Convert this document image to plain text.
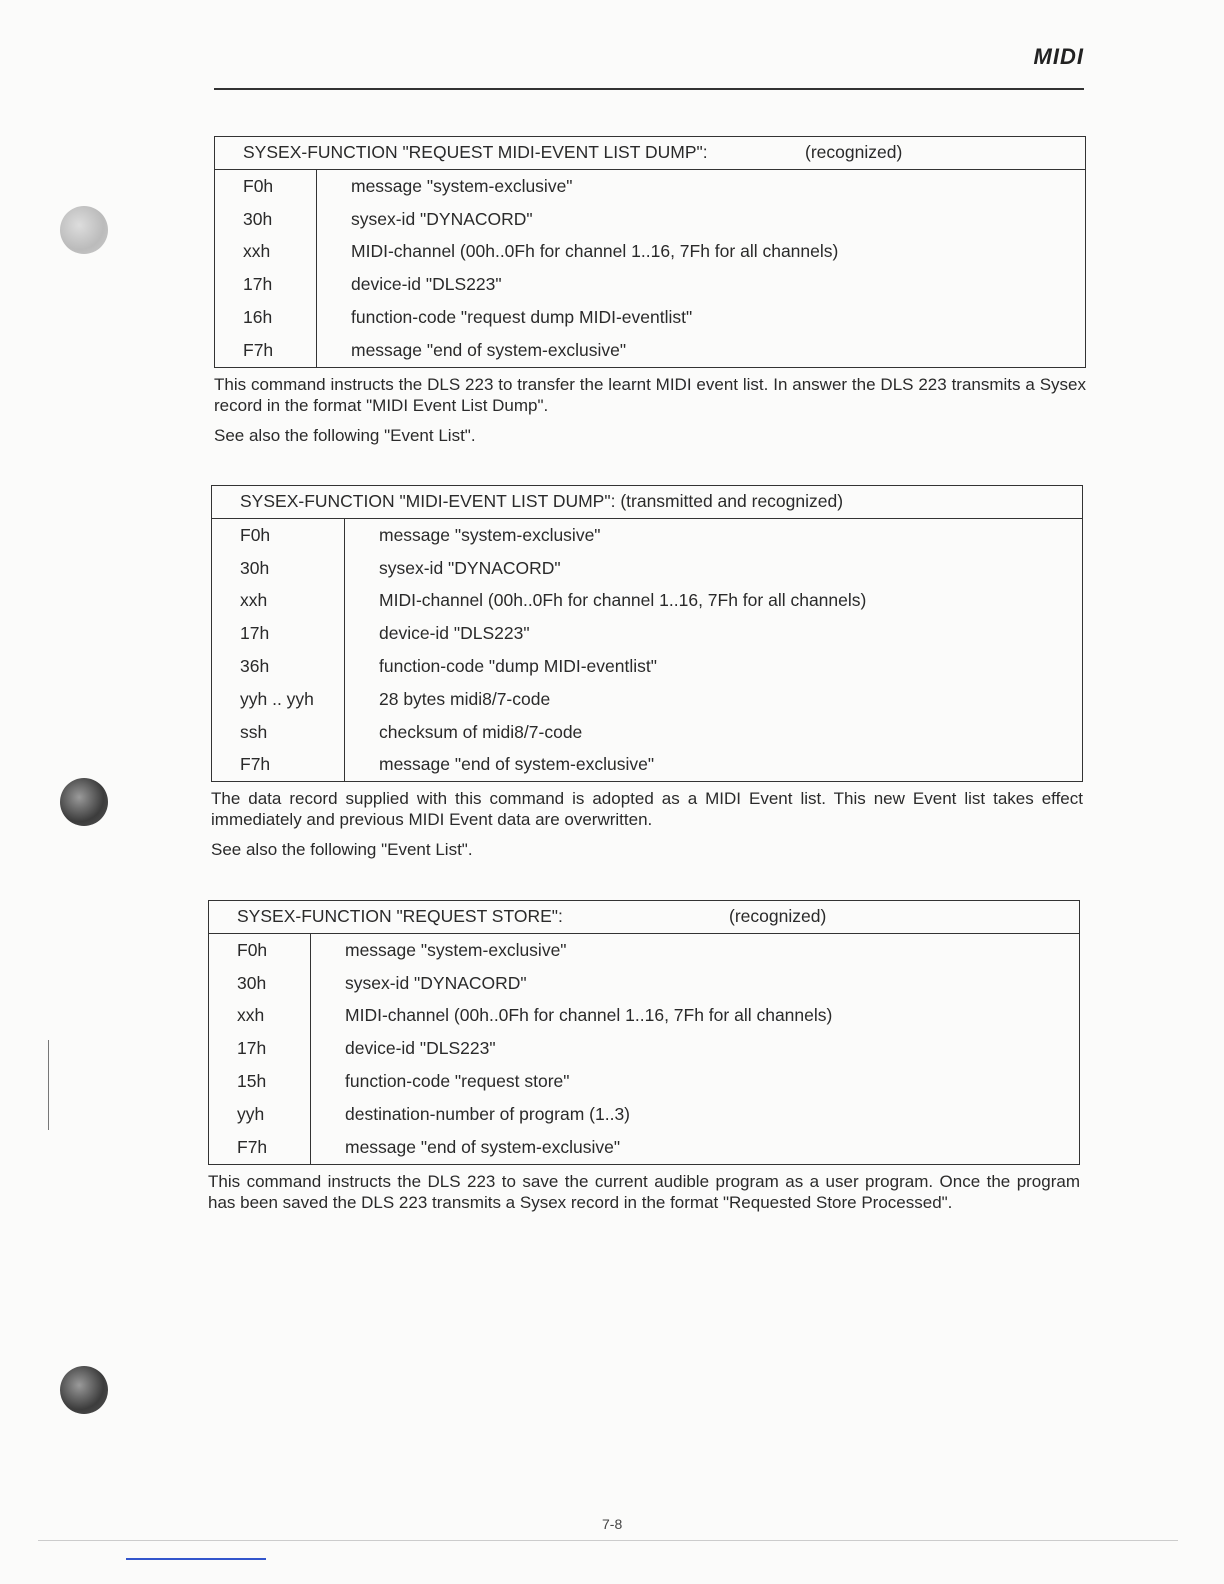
MIDI
SYSEX-FUNCTION "REQUEST MIDI-EVENT LIST DUMP": (recognized)	

F0h	message "system-exclusive"
30h	sysex-id "DYNACORD"
xxh	MIDI-channel (00h..0Fh for channel 1..16, 7Fh for all channels)
17h	device-id "DLS223"
16h	function-code "request dump MIDI-eventlist"
F7h	message "end of system-exclusive"

This command instructs the DLS 223 to transfer the learnt MIDI event list. In answer the DLS 223 transmits a Sysex record in the format "MIDI Event List Dump".

See also the following "Event List".

SYSEX-FUNCTION "MIDI-EVENT LIST DUMP": (transmitted and recognized)	
F0h	message "system-exclusive"
30h	sysex-id "DYNACORD"
xxh	MIDI-channel (00h..0Fh for channel 1..16, 7Fh for all channels)
17h	device-id "DLS223"
36h	function-code "dump MIDI-eventlist"
yyh .. yyh	28 bytes midi8/7-code
ssh	checksum of midi8/7-code
F7h	message "end of system-exclusive"

The data record supplied with this command is adopted as a MIDI Event list. This new Event list takes effect immediately and previous MIDI Event data are overwritten.

See also the following "Event List".

SYSEX-FUNCTION "REQUEST STORE": (recognized)	

F0h	message "system-exclusive"
30h	sysex-id "DYNACORD"
xxh	MIDI-channel (00h..0Fh for channel 1..16, 7Fh for all channels)
17h	device-id "DLS223"
15h	function-code "request store"
yyh	destination-number of program (1..3)
F7h	message "end of system-exclusive"

This command instructs the DLS 223 to save the current audible program as a user program. Once the program has been saved the DLS 223 transmits a Sysex record in the format "Requested Store Processed".

7-8
